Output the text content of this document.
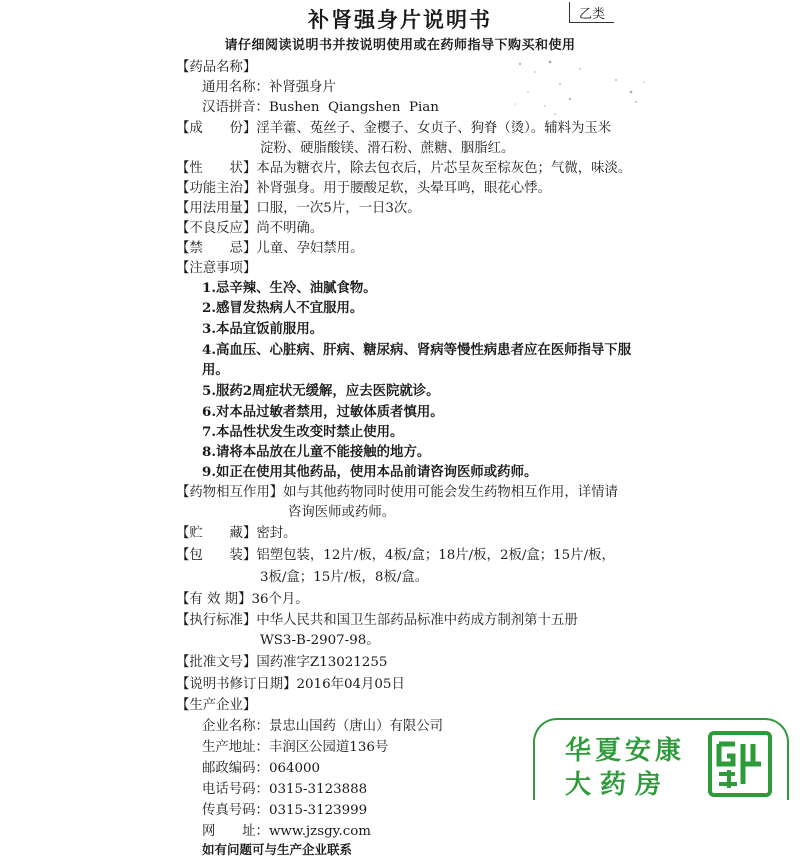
补肾强身片说明书	乙类
请仔细阅读说明书并按说明使用或在药师指导下购买和使用
【药品名称】
通用名称：补肾强身片
汉语拼音：Bushen  Qiangshen  Pian
【成　　份】淫羊藿、菟丝子、金樱子、女贞子、狗脊（烫）。辅料为玉米
淀粉、硬脂酸镁、滑石粉、蔗糖、胭脂红。
【性　　状】本品为糖衣片，除去包衣后，片芯呈灰至棕灰色；气微，味淡。
【功能主治】补肾强身。用于腰酸足软，头晕耳鸣，眼花心悸。
【用法用量】口服，一次5片，一日3次。
【不良反应】尚不明确。
【禁　　忌】儿童、孕妇禁用。
【注意事项】
1.忌辛辣、生冷、油腻食物。
2.感冒发热病人不宜服用。
3.本品宜饭前服用。
4.高血压、心脏病、肝病、糖尿病、肾病等慢性病患者应在医师指导下服
用。
5.服药2周症状无缓解，应去医院就诊。
6.对本品过敏者禁用，过敏体质者慎用。
7.本品性状发生改变时禁止使用。
8.请将本品放在儿童不能接触的地方。
9.如正在使用其他药品，使用本品前请咨询医师或药师。
【药物相互作用】如与其他药物同时使用可能会发生药物相互作用，详情请
咨询医师或药师。
【贮　　藏】密封。
【包　　装】铝塑包装，12片/板，4板/盒；18片/板，2板/盒；15片/板，
3板/盒；15片/板，8板/盒。
【有 效 期】36个月。
【执行标准】中华人民共和国卫生部药品标准中药成方制剂第十五册
WS3-B-2907-98。
【批准文号】国药准字Z13021255
【说明书修订日期】2016年04月05日
【生产企业】
企业名称：景忠山国药（唐山）有限公司
生产地址：丰润区公园道136号
邮政编码：064000
电话号码：0315-3123888
传真号码：0315-3123999
网　　址：www.jzsgy.com
如有问题可与生产企业联系
华夏安康
大药房
